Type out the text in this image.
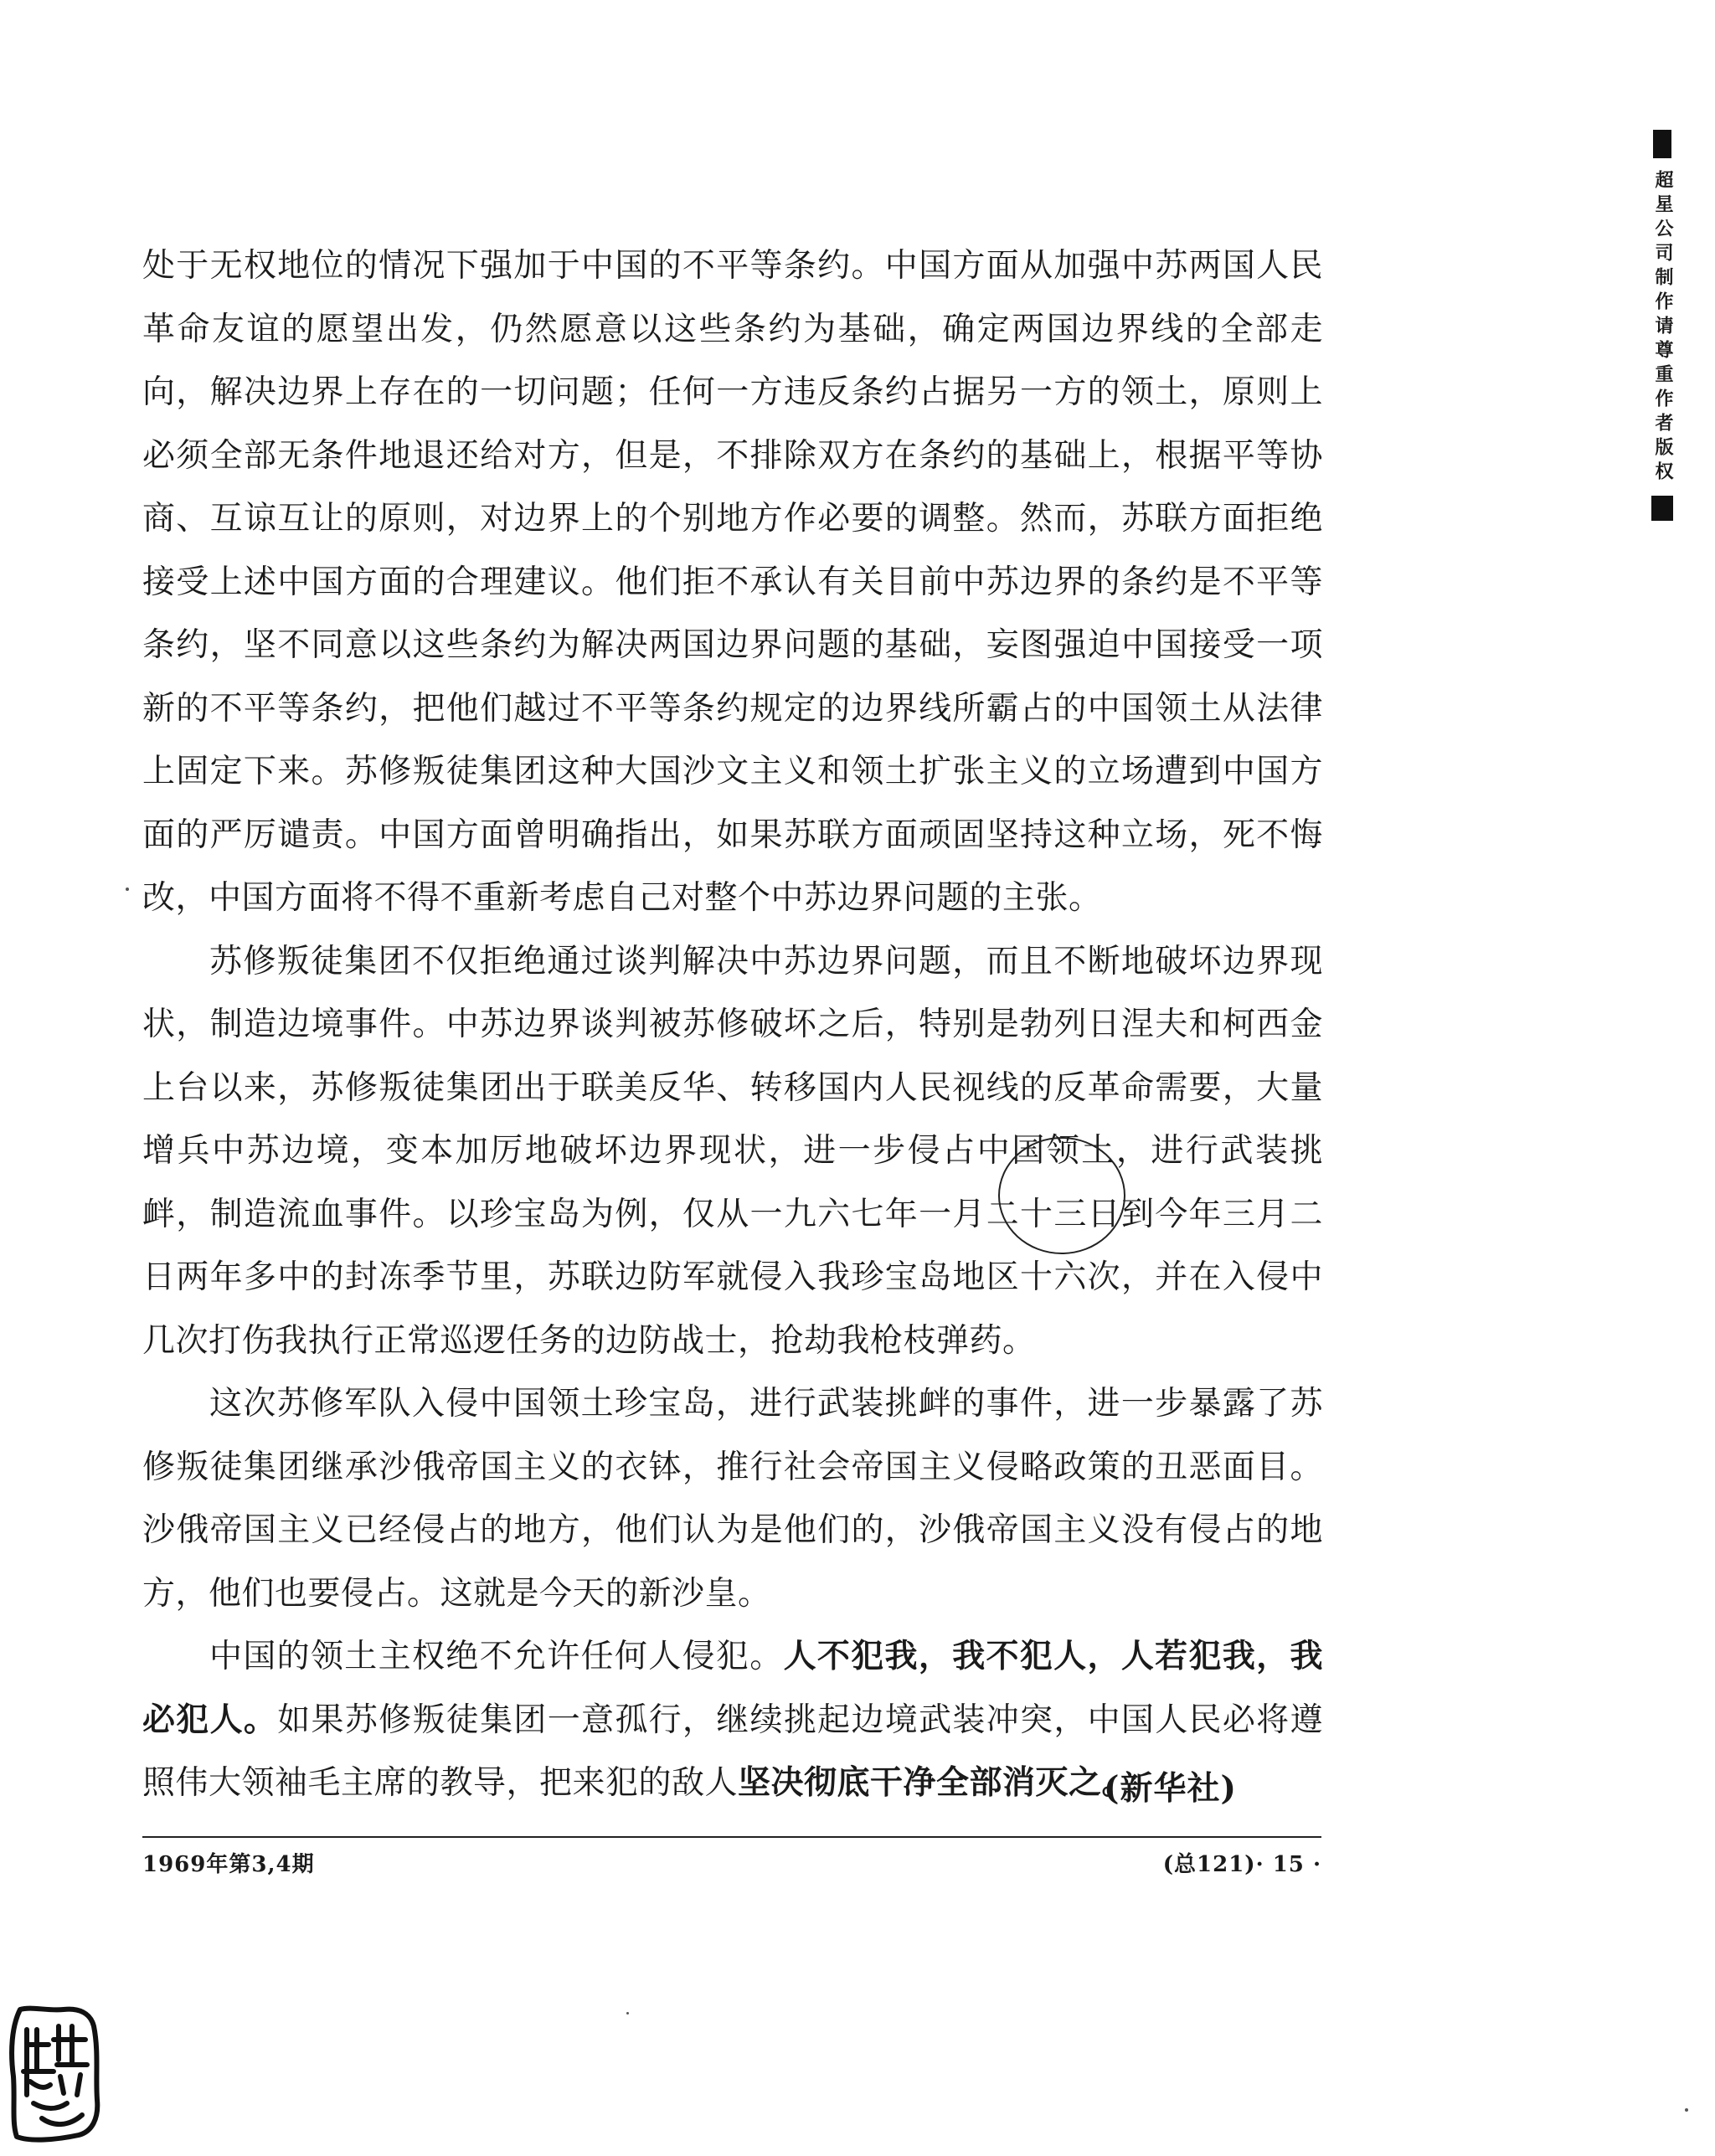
处于无权地位的情况下强加于中国的不平等条约。中国方面从加强中苏两国人民革命友谊的愿望出发，仍然愿意以这些条约为基础，确定两国边界线的全部走向，解决边界上存在的一切问题；任何一方违反条约占据另一方的领土，原则上必须全部无条件地退还给对方，但是，不排除双方在条约的基础上，根据平等协商、互谅互让的原则，对边界上的个别地方作必要的调整。然而，苏联方面拒绝接受上述中国方面的合理建议。他们拒不承认有关目前中苏边界的条约是不平等条约，坚不同意以这些条约为解决两国边界问题的基础，妄图强迫中国接受一项新的不平等条约，把他们越过不平等条约规定的边界线所霸占的中国领土从法律上固定下来。苏修叛徒集团这种大国沙文主义和领土扩张主义的立场遭到中国方面的严厉谴责。中国方面曾明确指出，如果苏联方面顽固坚持这种立场，死不悔改，中国方面将不得不重新考虑自己对整个中苏边界问题的主张。

苏修叛徒集团不仅拒绝通过谈判解决中苏边界问题，而且不断地破坏边界现状，制造边境事件。中苏边界谈判被苏修破坏之后，特别是勃列日涅夫和柯西金上台以来，苏修叛徒集团出于联美反华、转移国内人民视线的反革命需要，大量增兵中苏边境，变本加厉地破坏边界现状，进一步侵占中国领土，进行武装挑衅，制造流血事件。以珍宝岛为例，仅从一九六七年一月二十三日到今年三月二日两年多中的封冻季节里，苏联边防军就侵入我珍宝岛地区十六次，并在入侵中几次打伤我执行正常巡逻任务的边防战士，抢劫我枪枝弹药。

这次苏修军队入侵中国领土珍宝岛，进行武装挑衅的事件，进一步暴露了苏修叛徒集团继承沙俄帝国主义的衣钵，推行社会帝国主义侵略政策的丑恶面目。沙俄帝国主义已经侵占的地方，他们认为是他们的，沙俄帝国主义没有侵占的地方，他们也要侵占。这就是今天的新沙皇。

中国的领土主权绝不允许任何人侵犯。人不犯我，我不犯人，人若犯我，我必犯人。如果苏修叛徒集团一意孤行，继续挑起边境武装冲突，中国人民必将遵照伟大领袖毛主席的教导，把来犯的敌人坚决彻底干净全部消灭之。

(新华社)
1969年第3,4期	(总121)· 15 ·
超星公司制作请尊重作者版权
